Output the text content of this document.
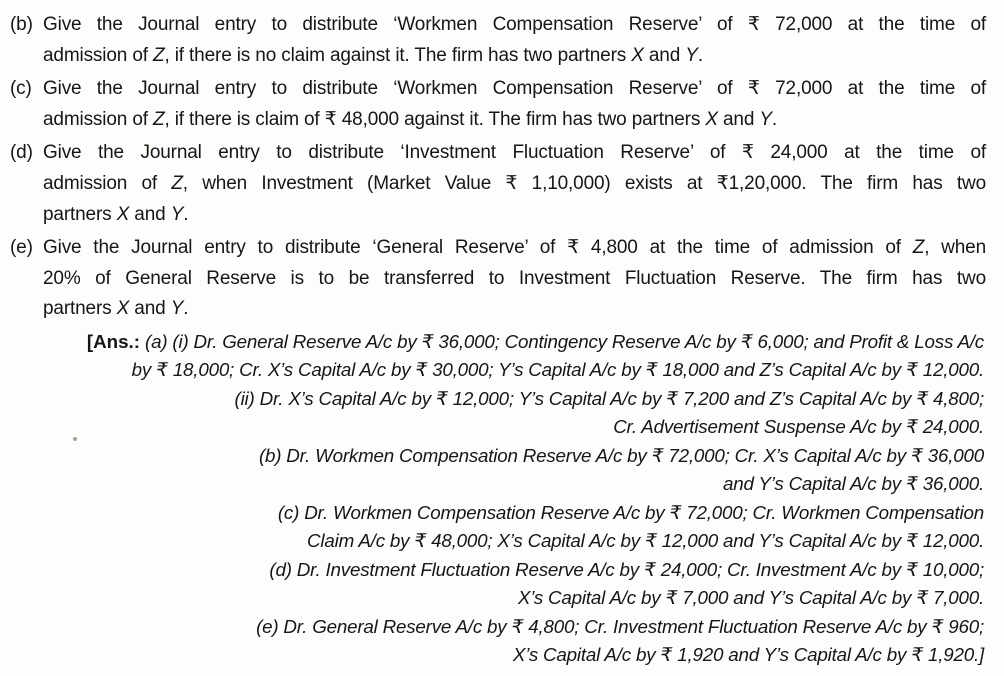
(b) Give the Journal entry to distribute ‘Workmen Compensation Reserve’ of ₹ 72,000 at the time of
admission of Z, if there is no claim against it. The firm has two partners X and Y.
(c) Give the Journal entry to distribute ‘Workmen Compensation Reserve’ of ₹ 72,000 at the time of
admission of Z, if there is claim of ₹ 48,000 against it. The firm has two partners X and Y.
(d) Give the Journal entry to distribute ‘Investment Fluctuation Reserve’ of ₹ 24,000 at the time of
admission of Z, when Investment (Market Value ₹ 1,10,000) exists at ₹1,20,000. The firm has two
partners X and Y.
(e) Give the Journal entry to distribute ‘General Reserve’ of ₹ 4,800 at the time of admission of Z, when
20% of General Reserve is to be transferred to Investment Fluctuation Reserve. The firm has two
partners X and Y.
[Ans.: (a) (i) Dr. General Reserve A/c by ₹ 36,000; Contingency Reserve A/c by ₹ 6,000; and Profit & Loss A/c
by ₹ 18,000; Cr. X’s Capital A/c by ₹ 30,000; Y’s Capital A/c by ₹ 18,000 and Z’s Capital A/c by ₹ 12,000.
(ii) Dr. X’s Capital A/c by ₹ 12,000; Y’s Capital A/c by ₹ 7,200 and Z’s Capital A/c by ₹ 4,800;
Cr. Advertisement Suspense A/c by ₹ 24,000.
(b) Dr. Workmen Compensation Reserve A/c by ₹ 72,000; Cr. X’s Capital A/c by ₹ 36,000
and Y’s Capital A/c by ₹ 36,000.
(c) Dr. Workmen Compensation Reserve A/c by ₹ 72,000; Cr. Workmen Compensation
Claim A/c by ₹ 48,000; X’s Capital A/c by ₹ 12,000 and Y’s Capital A/c by ₹ 12,000.
(d) Dr. Investment Fluctuation Reserve A/c by ₹ 24,000; Cr. Investment A/c by ₹ 10,000;
X’s Capital A/c by ₹ 7,000 and Y’s Capital A/c by ₹ 7,000.
(e) Dr. General Reserve A/c by ₹ 4,800; Cr. Investment Fluctuation Reserve A/c by ₹ 960;
X’s Capital A/c by ₹ 1,920 and Y’s Capital A/c by ₹ 1,920.]
